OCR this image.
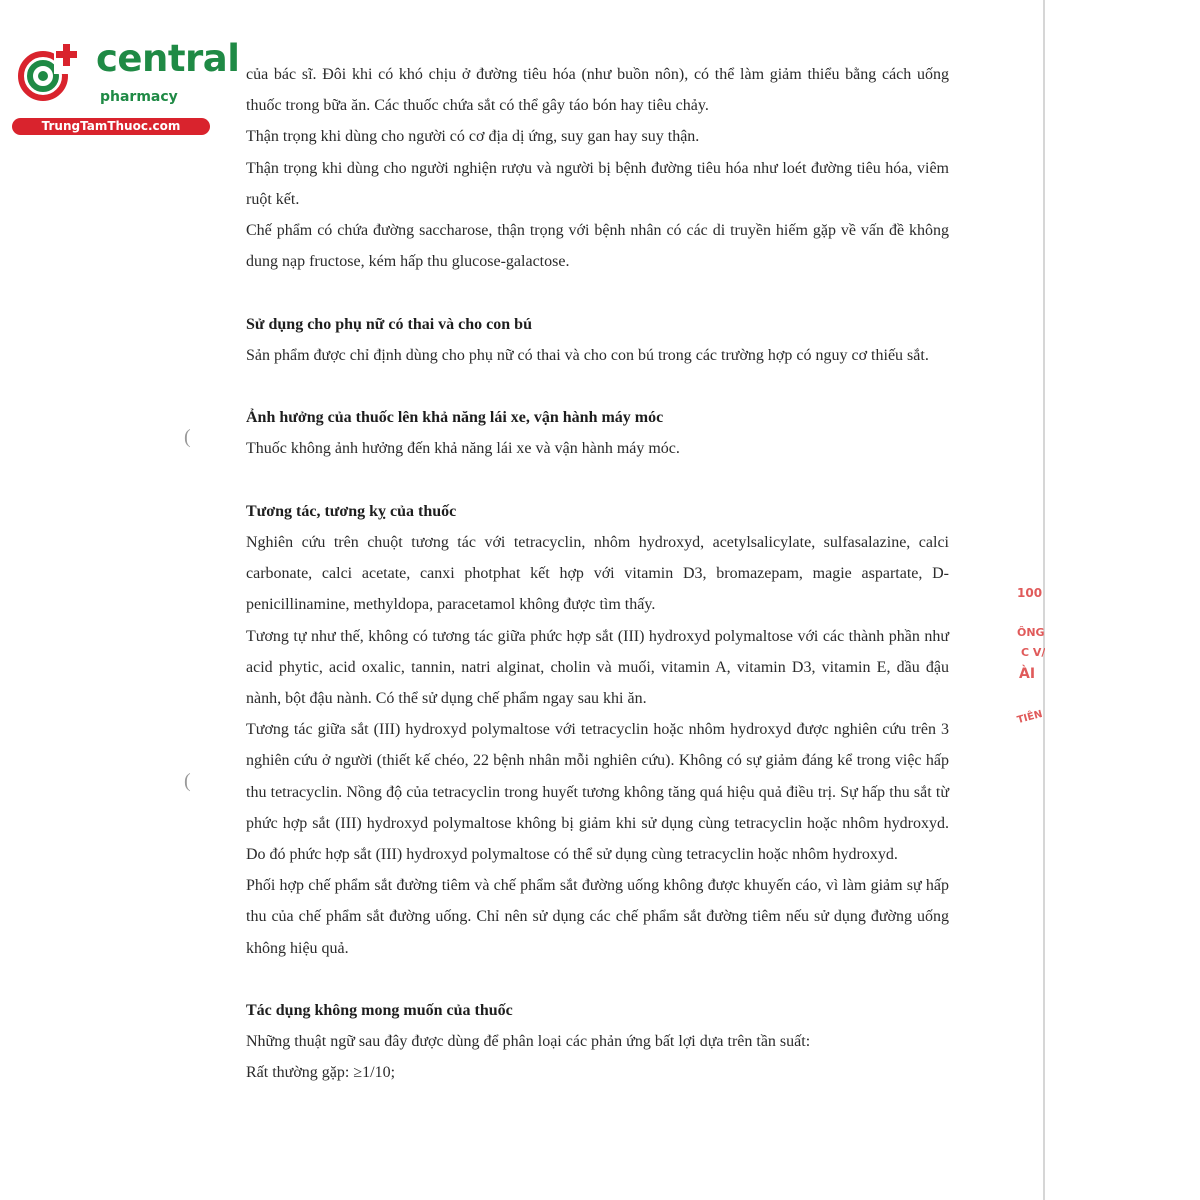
central
pharmacy
TrungTamThuoc.com
(
(
100
ÔNG
C V/
ÀI
TIÊN

của bác sĩ. Đôi khi có khó chịu ở đường tiêu hóa (như buồn nôn), có thể làm giảm thiểu bằng cách uống thuốc trong bữa ăn. Các thuốc chứa sắt có thể gây táo bón hay tiêu chảy.

Thận trọng khi dùng cho người có cơ địa dị ứng, suy gan hay suy thận.

Thận trọng khi dùng cho người nghiện rượu và người bị bệnh đường tiêu hóa như loét đường tiêu hóa, viêm ruột kết.

Chế phẩm có chứa đường saccharose, thận trọng với bệnh nhân có các di truyền hiếm gặp về vấn đề không dung nạp fructose, kém hấp thu glucose-galactose.

Sử dụng cho phụ nữ có thai và cho con bú

Sản phẩm được chỉ định dùng cho phụ nữ có thai và cho con bú trong các trường hợp có nguy cơ thiếu sắt.

Ảnh hưởng của thuốc lên khả năng lái xe, vận hành máy móc

Thuốc không ảnh hưởng đến khả năng lái xe và vận hành máy móc.

Tương tác, tương kỵ của thuốc

Nghiên cứu trên chuột tương tác với tetracyclin, nhôm hydroxyd, acetylsalicylate, sulfasalazine, calci carbonate, calci acetate, canxi photphat kết hợp với vitamin D3, bromazepam, magie aspartate, D-penicillinamine, methyldopa, paracetamol không được tìm thấy.

Tương tự như thế, không có tương tác giữa phức hợp sắt (III) hydroxyd polymaltose với các thành phần như acid phytic, acid oxalic, tannin, natri alginat, cholin và muối, vitamin A, vitamin D3, vitamin E, dầu đậu nành, bột đậu nành. Có thể sử dụng chế phẩm ngay sau khi ăn.

Tương tác giữa sắt (III) hydroxyd polymaltose với tetracyclin hoặc nhôm hydroxyd được nghiên cứu trên 3 nghiên cứu ở người (thiết kế chéo, 22 bệnh nhân mỗi nghiên cứu). Không có sự giảm đáng kể trong việc hấp thu tetracyclin. Nồng độ của tetracyclin trong huyết tương không tăng quá hiệu quả điều trị. Sự hấp thu sắt từ phức hợp sắt (III) hydroxyd polymaltose không bị giảm khi sử dụng cùng tetracyclin hoặc nhôm hydroxyd. Do đó phức hợp sắt (III) hydroxyd polymaltose có thể sử dụng cùng tetracyclin hoặc nhôm hydroxyd.

Phối hợp chế phẩm sắt đường tiêm và chế phẩm sắt đường uống không được khuyến cáo, vì làm giảm sự hấp thu của chế phẩm sắt đường uống. Chỉ nên sử dụng các chế phẩm sắt đường tiêm nếu sử dụng đường uống không hiệu quả.

Tác dụng không mong muốn của thuốc

Những thuật ngữ sau đây được dùng để phân loại các phản ứng bất lợi dựa trên tần suất:

Rất thường gặp: ≥1/10;
